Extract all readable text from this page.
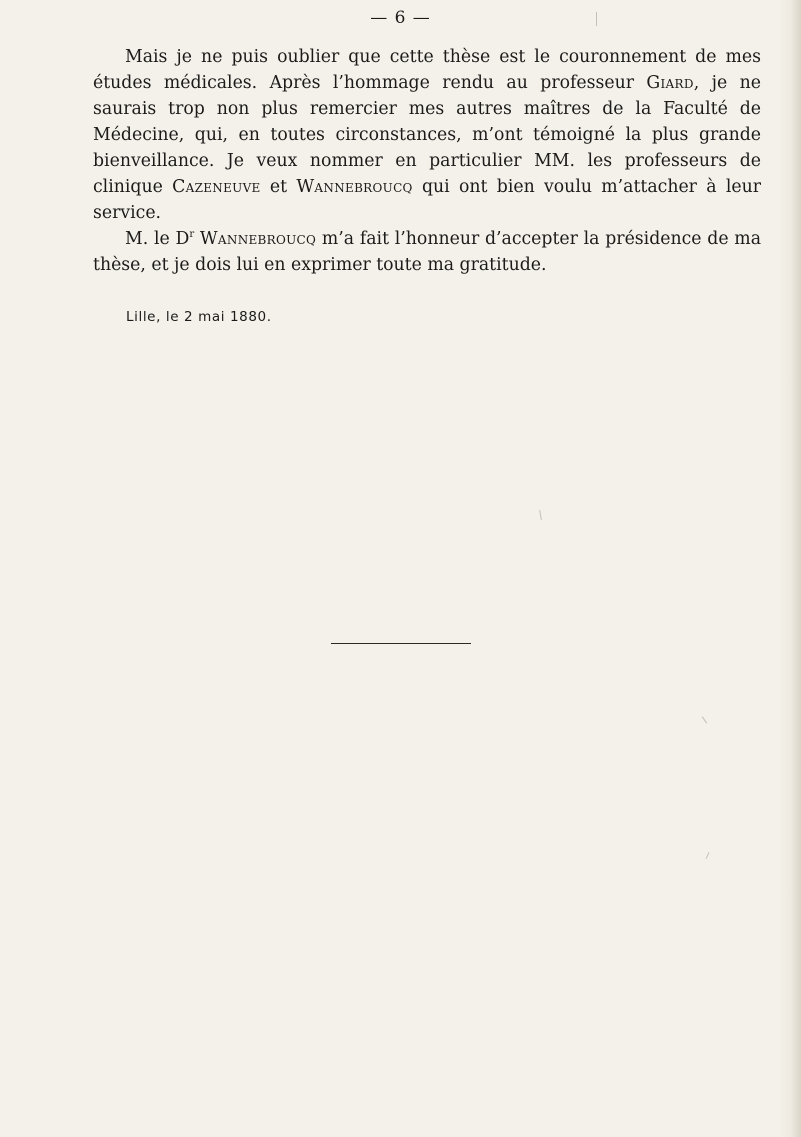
— 6 —

Mais je ne puis oublier que cette thèse est le couronnement de mes études médicales. Après l’hommage rendu au professeur Giard, je ne saurais trop non plus remercier mes autres maîtres de la Faculté de Médecine, qui, en toutes circonstances, m’ont témoigné la plus grande bienveillance. Je veux nommer en particulier MM. les professeurs de clinique Cazeneuve et Wannebroucq qui ont bien voulu m’attacher à leur service.

M. le $D^r$ Wannebroucq m’a fait l’honneur d’accepter la présidence de ma thèse, et je dois lui en exprimer toute ma gratitude.

Lille, le 2 mai 1880.
